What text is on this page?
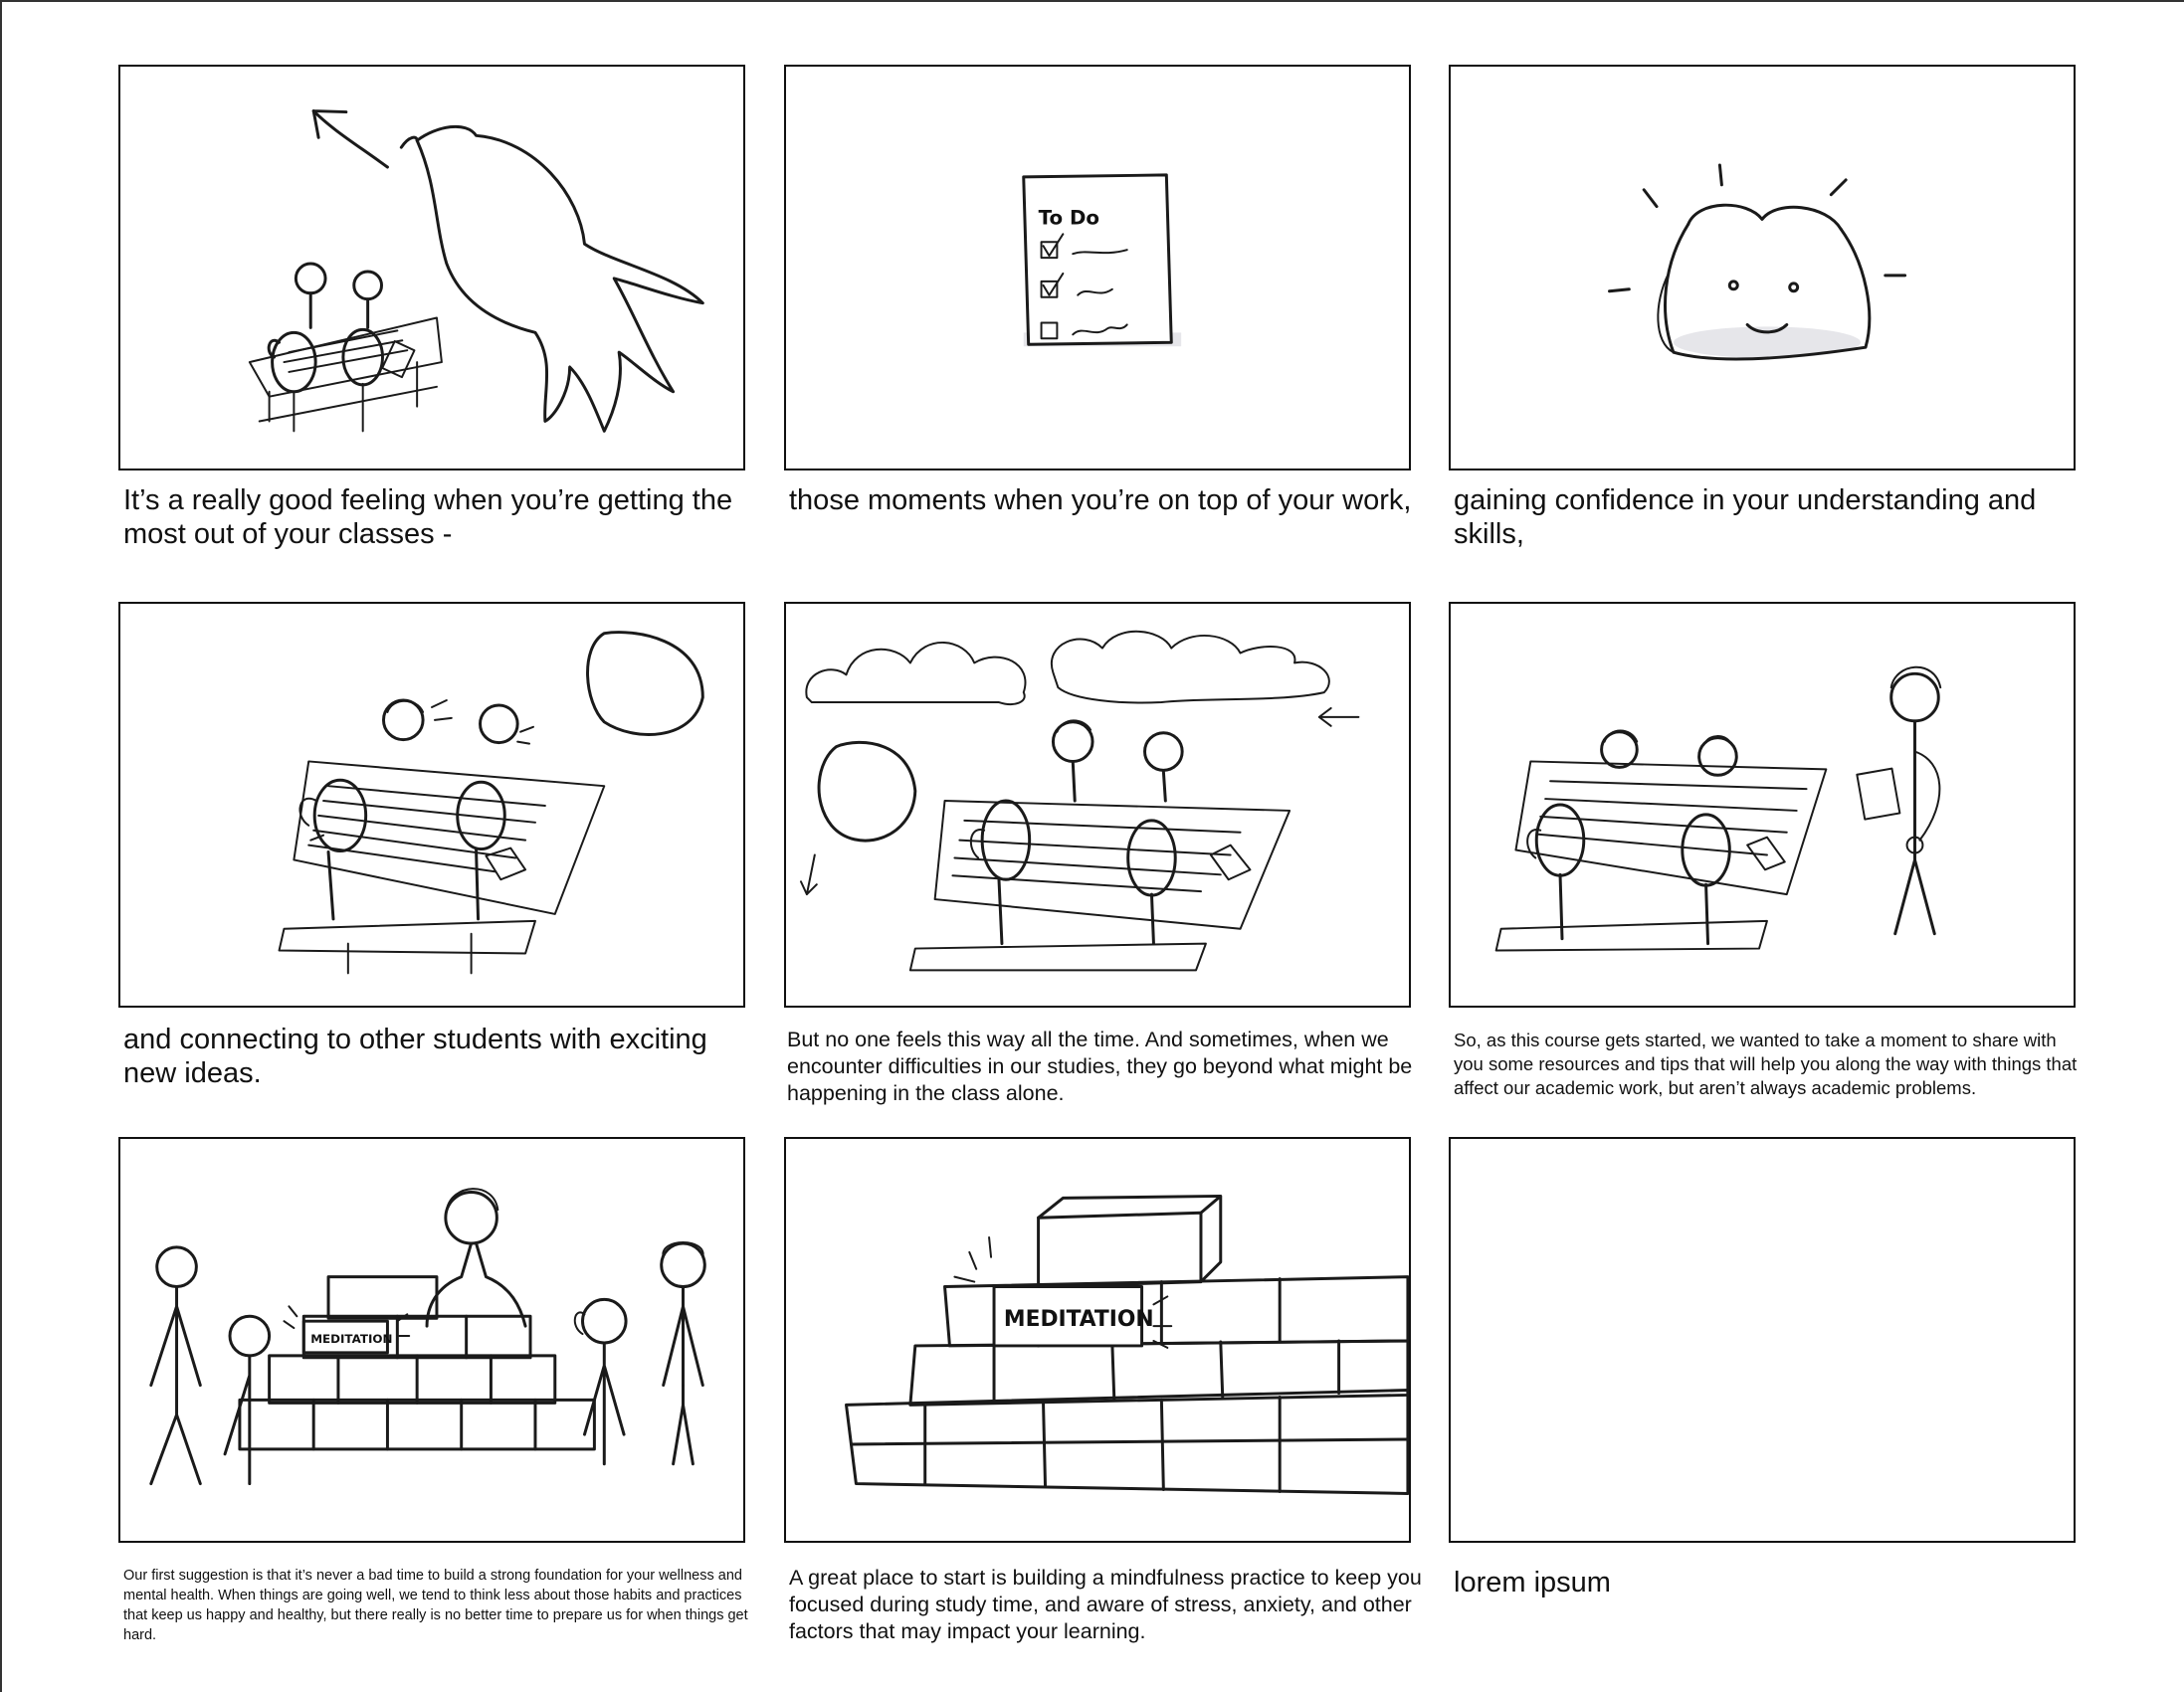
It’s a really good feeling when you’re getting the most out of your classes -

To Do

those moments when you’re on top of your work,	gaining confidence in your understanding and skills,

and connecting to other students with exciting new ideas.

But no one feels this way all the time. And sometimes, when we encounter difficulties in our studies, they go beyond what might be happening in the class alone.

So, as this course gets started, we wanted to take a moment to share with you some resources and tips that will help you along the way with things that affect our academic work, but aren’t always academic problems.

MEDITATION

Our first suggestion is that it’s never a bad time to build a strong foundation for your wellness and mental health. When things are going well, we tend to think less about those habits and practices that keep us happy and healthy, but there really is no better time to prepare us for when things get hard.

MEDITATION

A great place to start is building a mindfulness practice to keep you focused during study time, and aware of stress, anxiety, and other factors that may impact your learning.

lorem ipsum
